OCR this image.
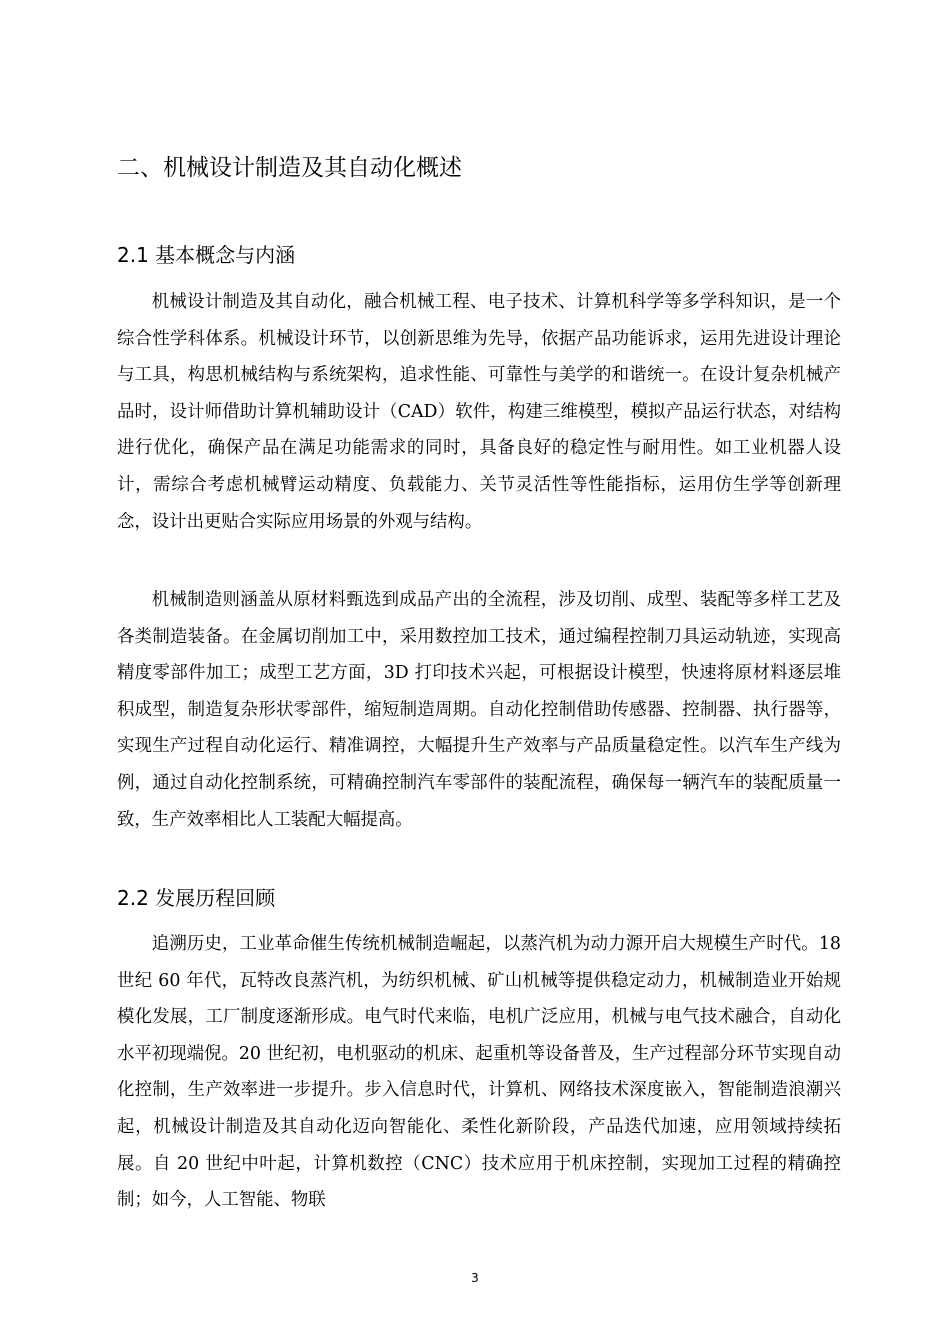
二、机械设计制造及其自动化概述
2.1 基本概念与内涵

机械设计制造及其自动化，融合机械工程、电子技术、计算机科学等多学科知识，是一个综合性学科体系。机械设计环节，以创新思维为先导，依据产品功能诉求，运用先进设计理论与工具，构思机械结构与系统架构，追求性能、可靠性与美学的和谐统一。在设计复杂机械产品时，设计师借助计算机辅助设计（CAD）软件，构建三维模型，模拟产品运行状态，对结构进行优化，确保产品在满足功能需求的同时，具备良好的稳定性与耐用性。如工业机器人设计，需综合考虑机械臂运动精度、负载能力、关节灵活性等性能指标，运用仿生学等创新理念，设计出更贴合实际应用场景的外观与结构。

机械制造则涵盖从原材料甄选到成品产出的全流程，涉及切削、成型、装配等多样工艺及各类制造装备。在金属切削加工中，采用数控加工技术，通过编程控制刀具运动轨迹，实现高精度零部件加工；成型工艺方面，3D 打印技术兴起，可根据设计模型，快速将原材料逐层堆积成型，制造复杂形状零部件，缩短制造周期。自动化控制借助传感器、控制器、执行器等，实现生产过程自动化运行、精准调控，大幅提升生产效率与产品质量稳定性。以汽车生产线为例，通过自动化控制系统，可精确控制汽车零部件的装配流程，确保每一辆汽车的装配质量一致，生产效率相比人工装配大幅提高。

2.2 发展历程回顾

追溯历史，工业革命催生传统机械制造崛起，以蒸汽机为动力源开启大规模生产时代。18 世纪 60 年代，瓦特改良蒸汽机，为纺织机械、矿山机械等提供稳定动力，机械制造业开始规模化发展，工厂制度逐渐形成。电气时代来临，电机广泛应用，机械与电气技术融合，自动化水平初现端倪。20 世纪初，电机驱动的机床、起重机等设备普及，生产过程部分环节实现自动化控制，生产效率进一步提升。步入信息时代，计算机、网络技术深度嵌入，智能制造浪潮兴起，机械设计制造及其自动化迈向智能化、柔性化新阶段，产品迭代加速，应用领域持续拓展。自 20 世纪中叶起，计算机数控（CNC）技术应用于机床控制，实现加工过程的精确控制；如今，人工智能、物联

3
